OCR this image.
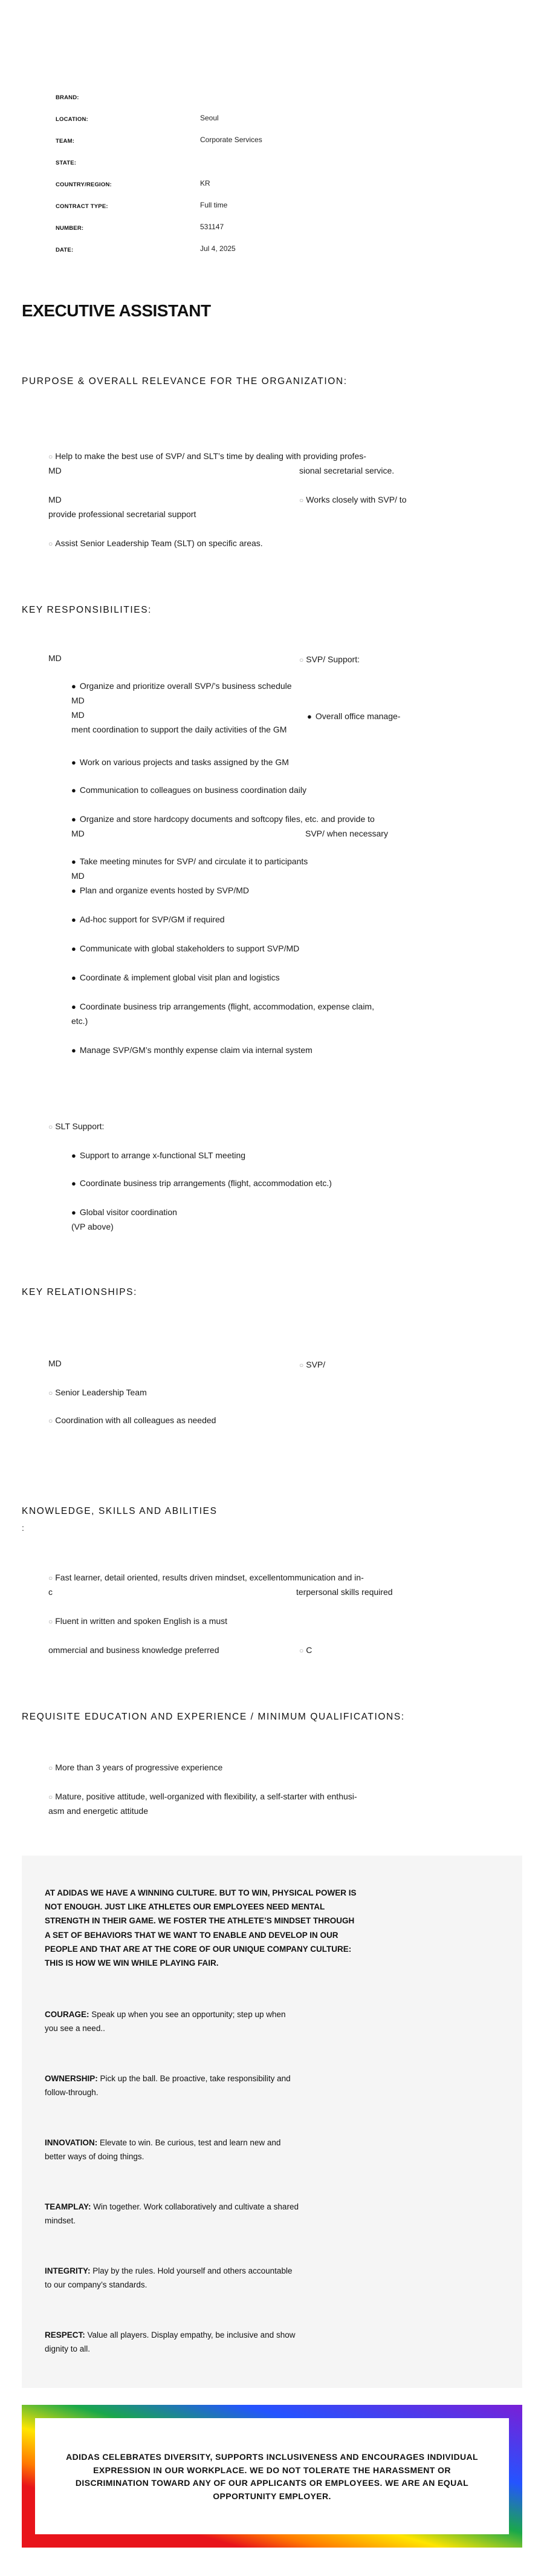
BRAND:
LOCATION:	Seoul
TEAM:	Corporate Services
STATE:
COUNTRY/REGION:	KR
CONTRACT TYPE:	Full time
NUMBER:	531147
DATE:	Jul 4, 2025
EXECUTIVE ASSISTANT
PURPOSE & OVERALL RELEVANCE FOR THE ORGANIZATION:
○ Help to make the best use of SVP/ and SLT’s time by dealing with providing profes-
MD	sional secretarial service.
MD	○ Works closely with SVP/ to
provide professional secretarial support
○ Assist Senior Leadership Team (SLT) on specific areas.
KEY RESPONSIBILITIES:
MD	○ SVP/ Support:
● Organize and prioritize overall SVP/’s business schedule
MD
MD	● Overall office manage-
ment coordination to support the daily activities of the GM
● Work on various projects and tasks assigned by the GM
● Communication to colleagues on business coordination daily
● Organize and store hardcopy documents and softcopy files, etc. and provide to
MD	SVP/ when necessary
● Take meeting minutes for SVP/ and circulate it to participants
MD
● Plan and organize events hosted by SVP/MD
● Ad-hoc support for SVP/GM if required
● Communicate with global stakeholders to support SVP/MD
● Coordinate & implement global visit plan and logistics
● Coordinate business trip arrangements (flight, accommodation, expense claim,
etc.)
● Manage SVP/GM’s monthly expense claim via internal system
○ SLT Support:
● Support to arrange x-functional SLT meeting
● Coordinate business trip arrangements (flight, accommodation etc.)
● Global visitor coordination
(VP above)
KEY RELATIONSHIPS:
MD	○ SVP/
○ Senior Leadership Team
○ Coordination with all colleagues as needed
KNOWLEDGE, SKILLS AND ABILITIES
:
○ Fast learner, detail oriented, results driven mindset, excellentommunication and in-
c	terpersonal skills required
○ Fluent in written and spoken English is a must
ommercial and business knowledge preferred	○ C
REQUISITE EDUCATION AND EXPERIENCE / MINIMUM QUALIFICATIONS:
○ More than 3 years of progressive experience
○ Mature, positive attitude, well-organized with flexibility, a self-starter with enthusi-
asm and energetic attitude
AT ADIDAS WE HAVE A WINNING CULTURE. BUT TO WIN, PHYSICAL POWER IS NOT ENOUGH. JUST LIKE ATHLETES OUR EMPLOYEES NEED MENTAL STRENGTH IN THEIR GAME. WE FOSTER THE ATHLETE’S MINDSET THROUGH A SET OF BEHAVIORS THAT WE WANT TO ENABLE AND DEVELOP IN OUR PEOPLE AND THAT ARE AT THE CORE OF OUR UNIQUE COMPANY CULTURE: THIS IS HOW WE WIN WHILE PLAYING FAIR.
COURAGE: Speak up when you see an opportunity; step up when you see a need..
OWNERSHIP: Pick up the ball. Be proactive, take responsibility and follow-through.
INNOVATION: Elevate to win. Be curious, test and learn new and better ways of doing things.
TEAMPLAY: Win together. Work collaboratively and cultivate a shared mindset.
INTEGRITY: Play by the rules. Hold yourself and others accountable to our company’s standards.
RESPECT: Value all players. Display empathy, be inclusive and show dignity to all.
ADIDAS CELEBRATES DIVERSITY, SUPPORTS INCLUSIVENESS AND ENCOURAGES INDIVIDUAL EXPRESSION IN OUR WORKPLACE. WE DO NOT TOLERATE THE HARASSMENT OR DISCRIMINATION TOWARD ANY OF OUR APPLICANTS OR EMPLOYEES. WE ARE AN EQUAL OPPORTUNITY EMPLOYER.
